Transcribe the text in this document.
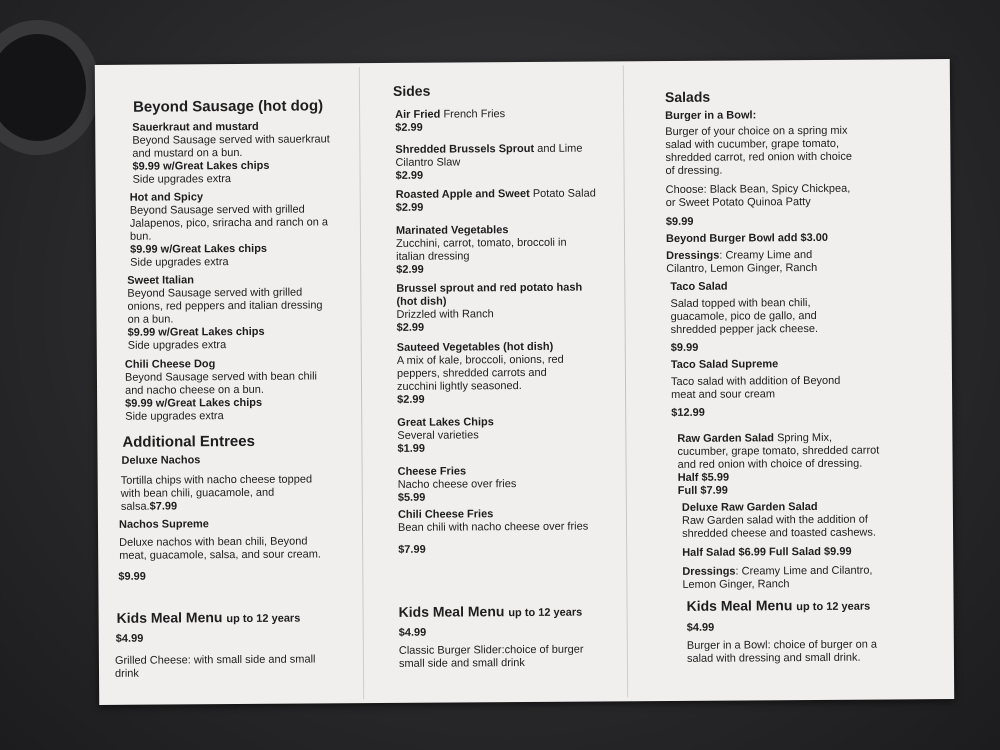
Beyond Sausage (hot dog)

Sauerkraut and mustard

Beyond Sausage served with sauerkraut and mustard on a bun.

$9.99 w/Great Lakes chips

Side upgrades extra

Hot and Spicy

Beyond Sausage served with grilled Jalapenos, pico, sriracha and ranch on a bun.

$9.99 w/Great Lakes chips

Side upgrades extra

Sweet Italian

Beyond Sausage served with grilled onions, red peppers and italian dressing on a bun.

$9.99 w/Great Lakes chips

Side upgrades extra

Chili Cheese Dog

Beyond Sausage served with bean chili and nacho cheese on a bun.

$9.99 w/Great Lakes chips

Side upgrades extra

Additional Entrees
Deluxe Nachos
Tortilla chips with nacho cheese topped with bean chili, guacamole, and salsa.$7.99
Nachos Supreme
Deluxe nachos with bean chili, Beyond meat, guacamole, salsa, and sour cream.
$9.99
Kids Meal Menu up to 12 years
$4.99
Grilled Cheese: with small side and small drink
Sides

Air Fried French Fries

$2.99

Shredded Brussels Sprout and Lime Cilantro Slaw

$2.99

Roasted Apple and Sweet Potato Salad

$2.99

Marinated Vegetables

Zucchini, carrot, tomato, broccoli in italian dressing

$2.99

Brussel sprout and red potato hash (hot dish)

Drizzled with Ranch

$2.99

Sauteed Vegetables (hot dish)

A mix of kale, broccoli, onions, red peppers, shredded carrots and zucchini lightly seasoned.

$2.99

Great Lakes Chips

Several varieties

$1.99

Cheese Fries

Nacho cheese over fries

$5.99

Chili Cheese Fries

Bean chili with nacho cheese over fries

$7.99

Kids Meal Menu up to 12 years
$4.99
Classic Burger Slider:choice of burger small side and small drink
Salads

Burger in a Bowl:

Burger of your choice on a spring mix salad with cucumber, grape tomato, shredded carrot, red onion with choice of dressing.

Choose: Black Bean, Spicy Chickpea, or Sweet Potato Quinoa Patty

$9.99

Beyond Burger Bowl add $3.00

Dressings: Creamy Lime and Cilantro, Lemon Ginger, Ranch

Taco Salad

Salad topped with bean chili, guacamole, pico de gallo, and shredded pepper jack cheese.

$9.99

Taco Salad Supreme

Taco salad with addition of Beyond meat and sour cream

$12.99

Raw Garden Salad Spring Mix, cucumber, grape tomato, shredded carrot and red onion with choice of dressing. Half $5.99

Full $7.99

Deluxe Raw Garden Salad

Raw Garden salad with the addition of shredded cheese and toasted cashews.

Half Salad $6.99 Full Salad $9.99

Dressings: Creamy Lime and Cilantro, Lemon Ginger, Ranch

Kids Meal Menu up to 12 years
$4.99
Burger in a Bowl: choice of burger on a salad with dressing and small drink.
